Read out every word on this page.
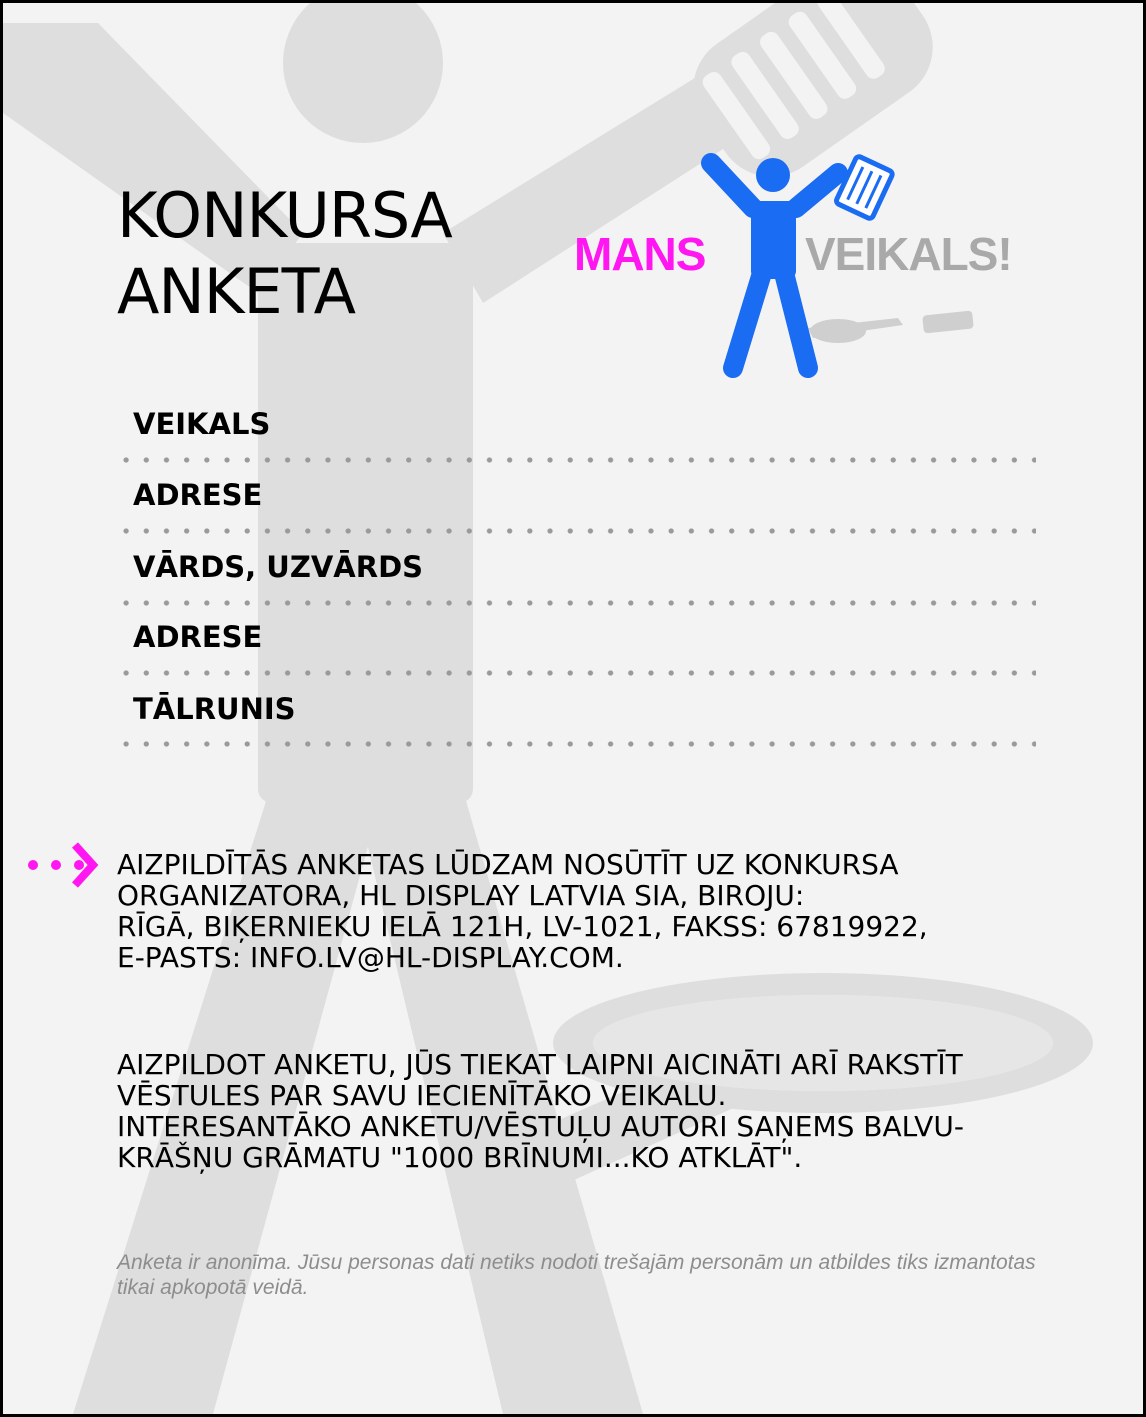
KONKURSA
ANKETA
MANS VEIKALS!
VEIKALS
ADRESE
VĀRDS, UZVĀRDS
ADRESE
TĀLRUNIS

AIZPILDĪTĀS ANKETAS LŪDZAM NOSŪTĪT UZ KONKURSA
ORGANIZATORA, HL DISPLAY LATVIA SIA, BIROJU:
RĪGĀ, BIĶERNIEKU IELĀ 121H, LV-1021, FAKSS: 67819922,
E-PASTS: INFO.LV@HL-DISPLAY.COM.

AIZPILDOT ANKETU, JŪS TIEKAT LAIPNI AICINĀTI ARĪ RAKSTĪT
VĒSTULES PAR SAVU IECIENĪTĀKO VEIKALU.
INTERESANTĀKO ANKETU/VĒSTUĻU AUTORI SAŅEMS BALVU-
KRĀŠŅU GRĀMATU "1000 BRĪNUMI...KO ATKLĀT".

Anketa ir anonīma. Jūsu personas dati netiks nodoti trešajām personām un atbildes tiks izmantotas tikai apkopotā veidā.
